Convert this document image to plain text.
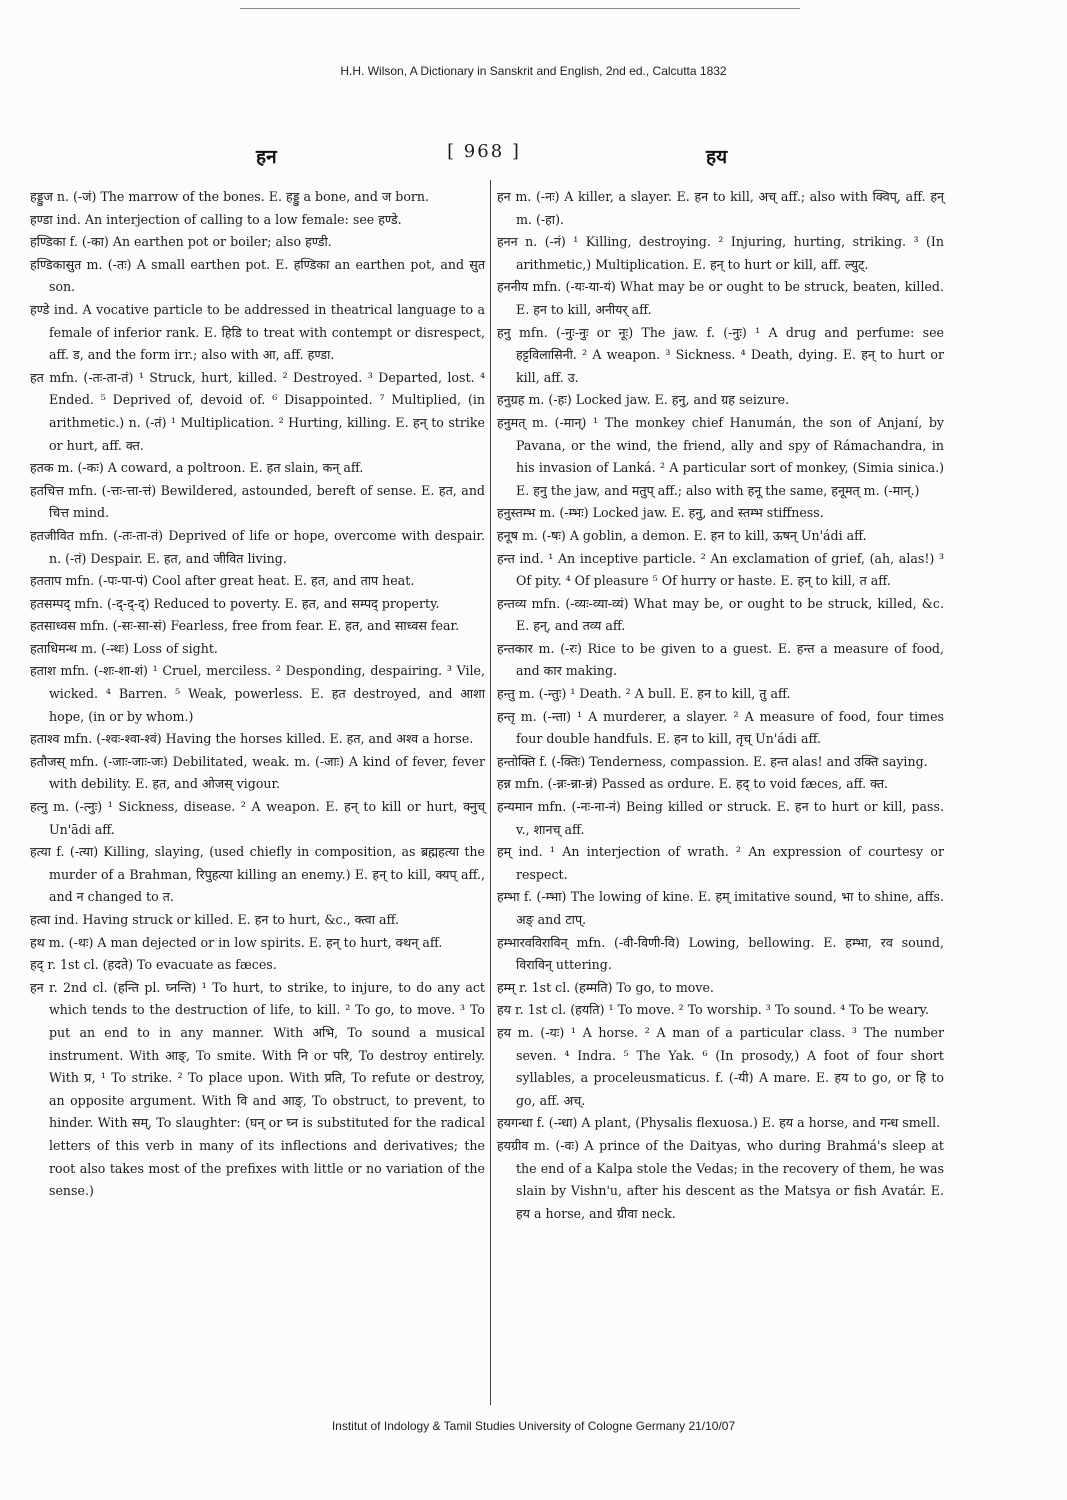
H.H. Wilson, A Dictionary in Sanskrit and English, 2nd ed., Calcutta 1832
हन	[ 968 ]	हय

हड्डुज n. (-जं) The marrow of the bones. E. हड्डु a bone, and ज born.

हण्डा ind. An interjection of calling to a low female: see हण्डे.

हण्डिका f. (-का) An earthen pot or boiler; also हण्डी.

हण्डिकासुत m. (-तः) A small earthen pot. E. हण्डिका an earthen pot, and सुत son.

हण्डे ind. A vocative particle to be addressed in theatrical language to a female of inferior rank. E. हिडि to treat with contempt or disrespect, aff. ड, and the form irr.; also with आ, aff. हण्डा.

हत mfn. (-तः-ता-तं) ¹ Struck, hurt, killed. ² Destroyed. ³ Departed, lost. ⁴ Ended. ⁵ Deprived of, devoid of. ⁶ Disappointed. ⁷ Multiplied, (in arithmetic.) n. (-तं) ¹ Multiplication. ² Hurting, killing. E. हन् to strike or hurt, aff. क्त.

हतक m. (-कः) A coward, a poltroon. E. हत slain, कन् aff.

हतचित्त mfn. (-त्तः-त्ता-त्तं) Bewildered, astounded, bereft of sense. E. हत, and चित्त mind.

हतजीवित mfn. (-तः-ता-तं) Deprived of life or hope, overcome with despair. n. (-तं) Despair. E. हत, and जीवित living.

हतताप mfn. (-पः-पा-पं) Cool after great heat. E. हत, and ताप heat.

हतसम्पद् mfn. (-द्-द्-द्) Reduced to poverty. E. हत, and सम्पद् property.

हतसाध्वस mfn. (-सः-सा-सं) Fearless, free from fear. E. हत, and साध्वस fear.

हताधिमन्थ m. (-न्थः) Loss of sight.

हताश mfn. (-शः-शा-शं) ¹ Cruel, merciless. ² Desponding, despairing. ³ Vile, wicked. ⁴ Barren. ⁵ Weak, powerless. E. हत destroyed, and आशा hope, (in or by whom.)

हताश्व mfn. (-श्वः-श्वा-श्वं) Having the horses killed. E. हत, and अश्व a horse.

हतौजस् mfn. (-जाः-जाः-जः) Debilitated, weak. m. (-जाः) A kind of fever, fever with debility. E. हत, and ओजस् vigour.

हत्नु m. (-त्नुः) ¹ Sickness, disease. ² A weapon. E. हन् to kill or hurt, क्नुच् Un'ādi aff.

हत्या f. (-त्या) Killing, slaying, (used chiefly in composition, as ब्रह्महत्या the murder of a Brahman, रिपुहत्या killing an enemy.) E. हन् to kill, क्यप् aff., and न changed to त.

हत्वा ind. Having struck or killed. E. हन to hurt, &c., क्त्वा aff.

हथ m. (-थः) A man dejected or in low spirits. E. हन् to hurt, क्थन् aff.

हद् r. 1st cl. (हदते) To evacuate as fæces.

हन r. 2nd cl. (हन्ति pl. घ्नन्ति) ¹ To hurt, to strike, to injure, to do any act which tends to the destruction of life, to kill. ² To go, to move. ³ To put an end to in any manner. With अभि, To sound a musical instrument. With आङ्, To smite. With नि or परि, To destroy entirely. With प्र, ¹ To strike. ² To place upon. With प्रति, To refute or destroy, an opposite argument. With वि and आङ्, To obstruct, to prevent, to hinder. With सम्, To slaughter: (घन् or घ्न is substituted for the radical letters of this verb in many of its inflections and derivatives; the root also takes most of the prefixes with little or no variation of the sense.)

हन m. (-नः) A killer, a slayer. E. हन to kill, अच् aff.; also with क्विप्, aff. हन् m. (-हा).

हनन n. (-नं) ¹ Killing, destroying. ² Injuring, hurting, striking. ³ (In arithmetic,) Multiplication. E. हन् to hurt or kill, aff. ल्युट्.

हननीय mfn. (-यः-या-यं) What may be or ought to be struck, beaten, killed. E. हन to kill, अनीयर् aff.

हनु mfn. (-नुः-नुः or नूः) The jaw. f. (-नुः) ¹ A drug and perfume: see हट्टविलासिनी. ² A weapon. ³ Sickness. ⁴ Death, dying. E. हन् to hurt or kill, aff. उ.

हनुग्रह m. (-हः) Locked jaw. E. हनु, and ग्रह seizure.

हनुमत् m. (-मान्) ¹ The monkey chief Hanumán, the son of Anjaní, by Pavana, or the wind, the friend, ally and spy of Rámachandra, in his invasion of Lanká. ² A particular sort of monkey, (Simia sinica.) E. हनु the jaw, and मतुप् aff.; also with हनू the same, हनूमत् m. (-मान्.)

हनुस्तम्भ m. (-म्भः) Locked jaw. E. हनु, and स्तम्भ stiffness.

हनूष m. (-षः) A goblin, a demon. E. हन to kill, ऊषन् Un'ádi aff.

हन्त ind. ¹ An inceptive particle. ² An exclamation of grief, (ah, alas!) ³ Of pity. ⁴ Of pleasure ⁵ Of hurry or haste. E. हन् to kill, त aff.

हन्तव्य mfn. (-व्यः-व्या-व्यं) What may be, or ought to be struck, killed, &c. E. हन्, and तव्य aff.

हन्तकार m. (-रः) Rice to be given to a guest. E. हन्त a measure of food, and कार making.

हन्तु m. (-न्तुः) ¹ Death. ² A bull. E. हन to kill, तु aff.

हन्तृ m. (-न्ता) ¹ A murderer, a slayer. ² A measure of food, four times four double handfuls. E. हन to kill, तृच् Un'ádi aff.

हन्तोक्ति f. (-क्तिः) Tenderness, compassion. E. हन्त alas! and उक्ति saying.

हन्न mfn. (-न्नः-न्ना-न्नं) Passed as ordure. E. हद् to void fæces, aff. क्त.

हन्यमान mfn. (-नः-ना-नं) Being killed or struck. E. हन to hurt or kill, pass. v., शानच् aff.

हम् ind. ¹ An interjection of wrath. ² An expression of courtesy or respect.

हम्भा f. (-म्भा) The lowing of kine. E. हम् imitative sound, भा to shine, affs. अङ् and टाप्.

हम्भारवविराविन् mfn. (-वी-विणी-वि) Lowing, bellowing. E. हम्भा, रव sound, विराविन् uttering.

हम्म् r. 1st cl. (हम्मति) To go, to move.

हय r. 1st cl. (हयति) ¹ To move. ² To worship. ³ To sound. ⁴ To be weary.

हय m. (-यः) ¹ A horse. ² A man of a particular class. ³ The number seven. ⁴ Indra. ⁵ The Yak. ⁶ (In prosody,) A foot of four short syllables, a proceleusmaticus. f. (-यी) A mare. E. हय to go, or हि to go, aff. अच्.

हयगन्धा f. (-न्धा) A plant, (Physalis flexuosa.) E. हय a horse, and गन्ध smell.

हयग्रीव m. (-वः) A prince of the Daityas, who during Brahmá's sleep at the end of a Kalpa stole the Vedas; in the recovery of them, he was slain by Vishn'u, after his descent as the Matsya or fish Avatár. E. हय a horse, and ग्रीवा neck.

Institut of Indology & Tamil Studies University of Cologne Germany 21/10/07
